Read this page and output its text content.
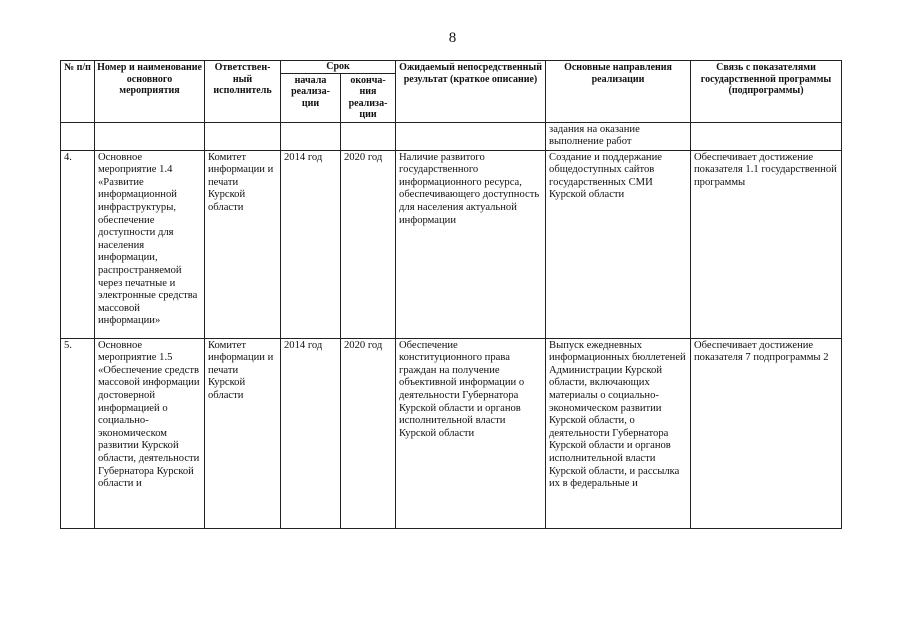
8
№ п/п	Номер и наименование основного мероприятия	Ответствен-ный исполнитель	Срок		Ожидаемый непосредственный результат (краткое описание)	Основные направления реализации	Связь с показателями государственной программы (подпрограммы)
			начала реализа-ции	оконча-ния реализа-ции			
						задания на оказание выполнение работ	
4.	Основное мероприятие 1.4 «Развитие информационной инфраструктуры, обеспечение доступности для населения информации, распространяемой через печатные и электронные средства массовой информации»	Комитет информации и печати Курской области	2014 год	2020 год	Наличие развитого государственного информационного ресурса, обеспечивающего доступность для населения актуальной информации	Создание и поддержание общедоступных сайтов государственных СМИ Курской области	Обеспечивает достижение показателя 1.1 государственной программы
5.	Основное мероприятие 1.5 «Обеспечение средств массовой информации достоверной информацией о социально-экономическом развитии Курской области, деятельности Губернатора Курской области и	Комитет информации и печати Курской области	2014 год	2020 год	Обеспечение конституционного права граждан на получение объективной информации о деятельности Губернатора Курской области и органов исполнительной власти Курской области	Выпуск ежедневных информационных бюллетеней Администрации Курской области, включающих материалы о социально-экономическом развитии Курской области, о деятельности Губернатора Курской области и органов исполнительной власти Курской области, и рассылка их в федеральные и	Обеспечивает достижение показателя 7 подпрограммы 2
